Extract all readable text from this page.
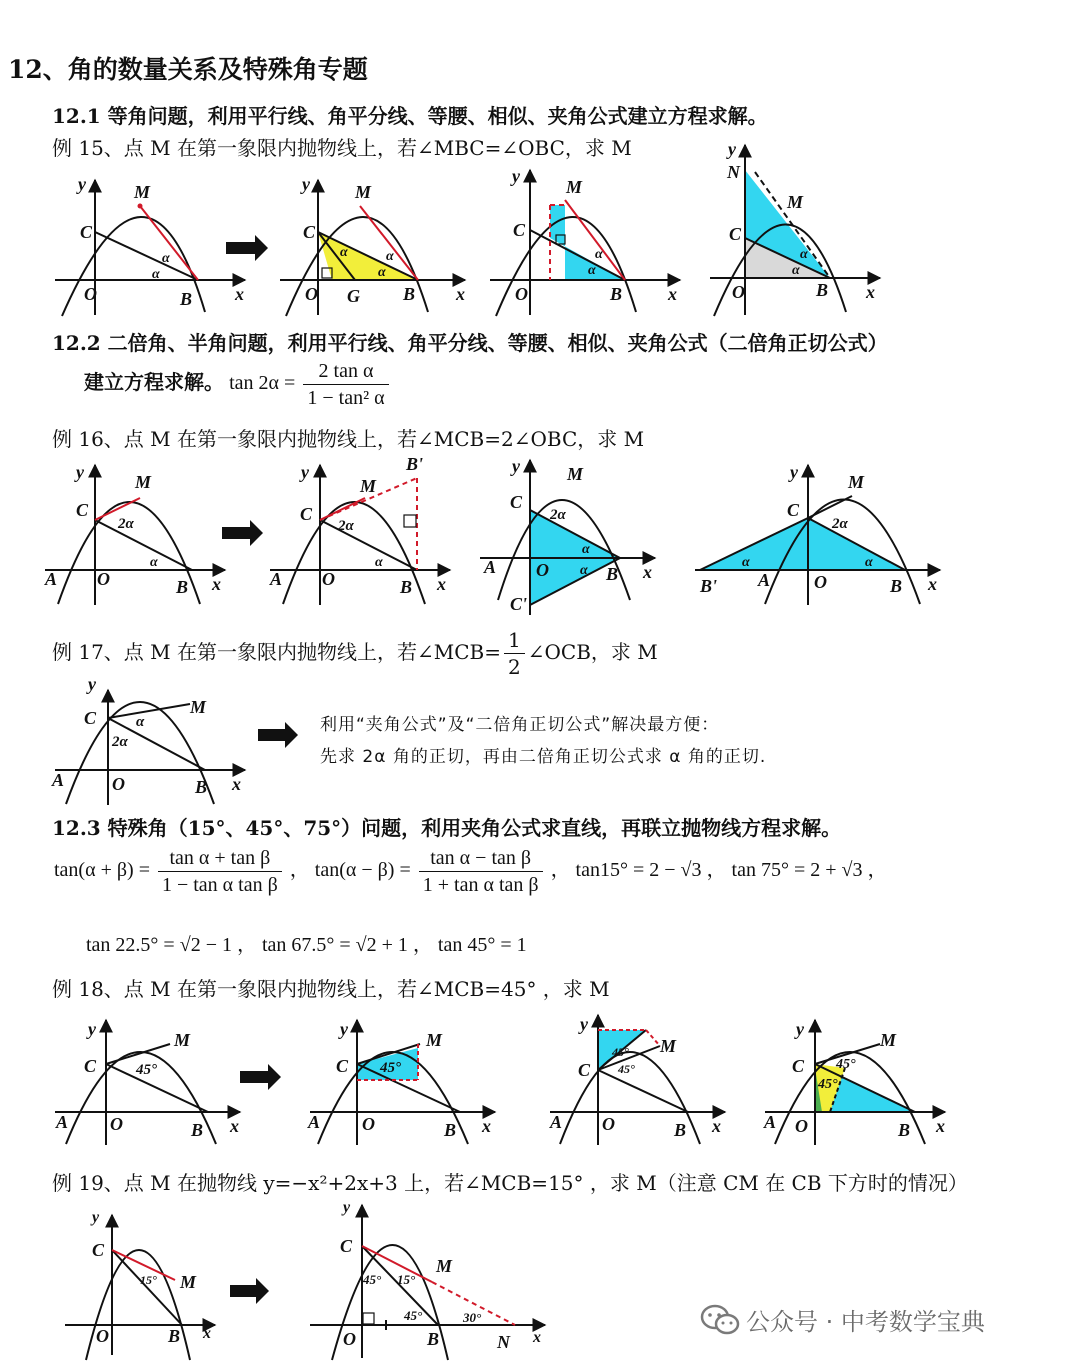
12、角的数量关系及特殊角专题
12.1 等角问题，利用平行线、角平分线、等腰、相似、夹角公式建立方程求解。
例 15、点 M 在第一象限内抛物线上，若∠MBC=∠OBC，求 M
12.2 二倍角、半角问题，利用平行线、角平分线、等腰、相似、夹角公式（二倍角正切公式）
建立方程求解。 $\tan 2\alpha = \frac{\text{2 tan α}}{\text{1 − tan² α}}$
例 16、点 M 在第一象限内抛物线上，若∠MCB=2∠OBC，求 M
例 17、点 M 在第一象限内抛物线上，若∠MCB= $\frac{1}{2}$ ∠OCB，求 M
利用“夹角公式”及“二倍角正切公式”解决最方便：
先求 2α 角的正切，再由二倍角正切公式求 α 角的正切.
12.3 特殊角（15°、45°、75°）问题，利用夹角公式求直线，再联立抛物线方程求解。
$\tan(\alpha + \beta) = \frac{\text{tan α + tan β}}{\text{1 − tan α tan β}}$ ， $\tan(\alpha - \beta) = \frac{\text{tan α − tan β}}{\text{1 + tan α tan β}}$ ， tan15° = 2 − √3 ， tan 75° = 2 + √3 ，
tan 22.5° = √2 − 1 ， tan 67.5° = √2 + 1 ， tan 45° = 1
例 18、点 M 在第一象限内抛物线上，若∠MCB=45° ，求 M
例 19、点 M 在抛物线 y=−x²+2x+3 上，若∠MCB=15° ，求 M（注意 CM 在 CB 下方时的情况）
y	M
C
O	B x
α
α
y	M
C
O G B x
α	α
α
y
M
C
O	B	x
α
α
y
N
M
C
O	B x
α
α
y	M
C
2α
A O	B x
α
y
M
B'
C
2α
A O	B x
α
y	M
C
2α
A O	B x
C'
α
α
y	M
C
2α
B' A O	B x
α	α
y
M
C	α
2α
A	O	B x
y
M
C	45°
A O	B x
y
M
C 45°
A O	B x
y
M
C
45°
45°
A O	B x
y
M
C 45°
45°
A O	B x
y
C
15° M
O	B x
y
C
45° 15°
M
45°	30°
O	B	N x
公众号 · 中考数学宝典
